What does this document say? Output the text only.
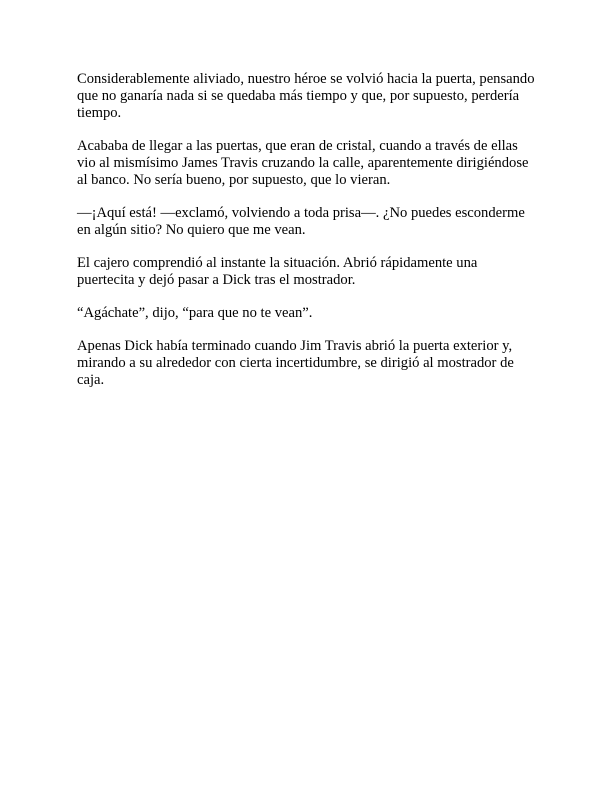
Considerablemente aliviado, nuestro héroe se volvió hacia la puerta, pensando que no ganaría nada si se quedaba más tiempo y que, por supuesto, perdería tiempo.

Acababa de llegar a las puertas, que eran de cristal, cuando a través de ellas vio al mismísimo James Travis cruzando la calle, aparentemente dirigiéndose al banco. No sería bueno, por supuesto, que lo vieran.

—¡Aquí está! —exclamó, volviendo a toda prisa—. ¿No puedes esconderme en algún sitio? No quiero que me vean.

El cajero comprendió al instante la situación. Abrió rápidamente una puertecita y dejó pasar a Dick tras el mostrador.

“Agáchate”, dijo, “para que no te vean”.

Apenas Dick había terminado cuando Jim Travis abrió la puerta exterior y, mirando a su alrededor con cierta incertidumbre, se dirigió al mostrador de caja.
